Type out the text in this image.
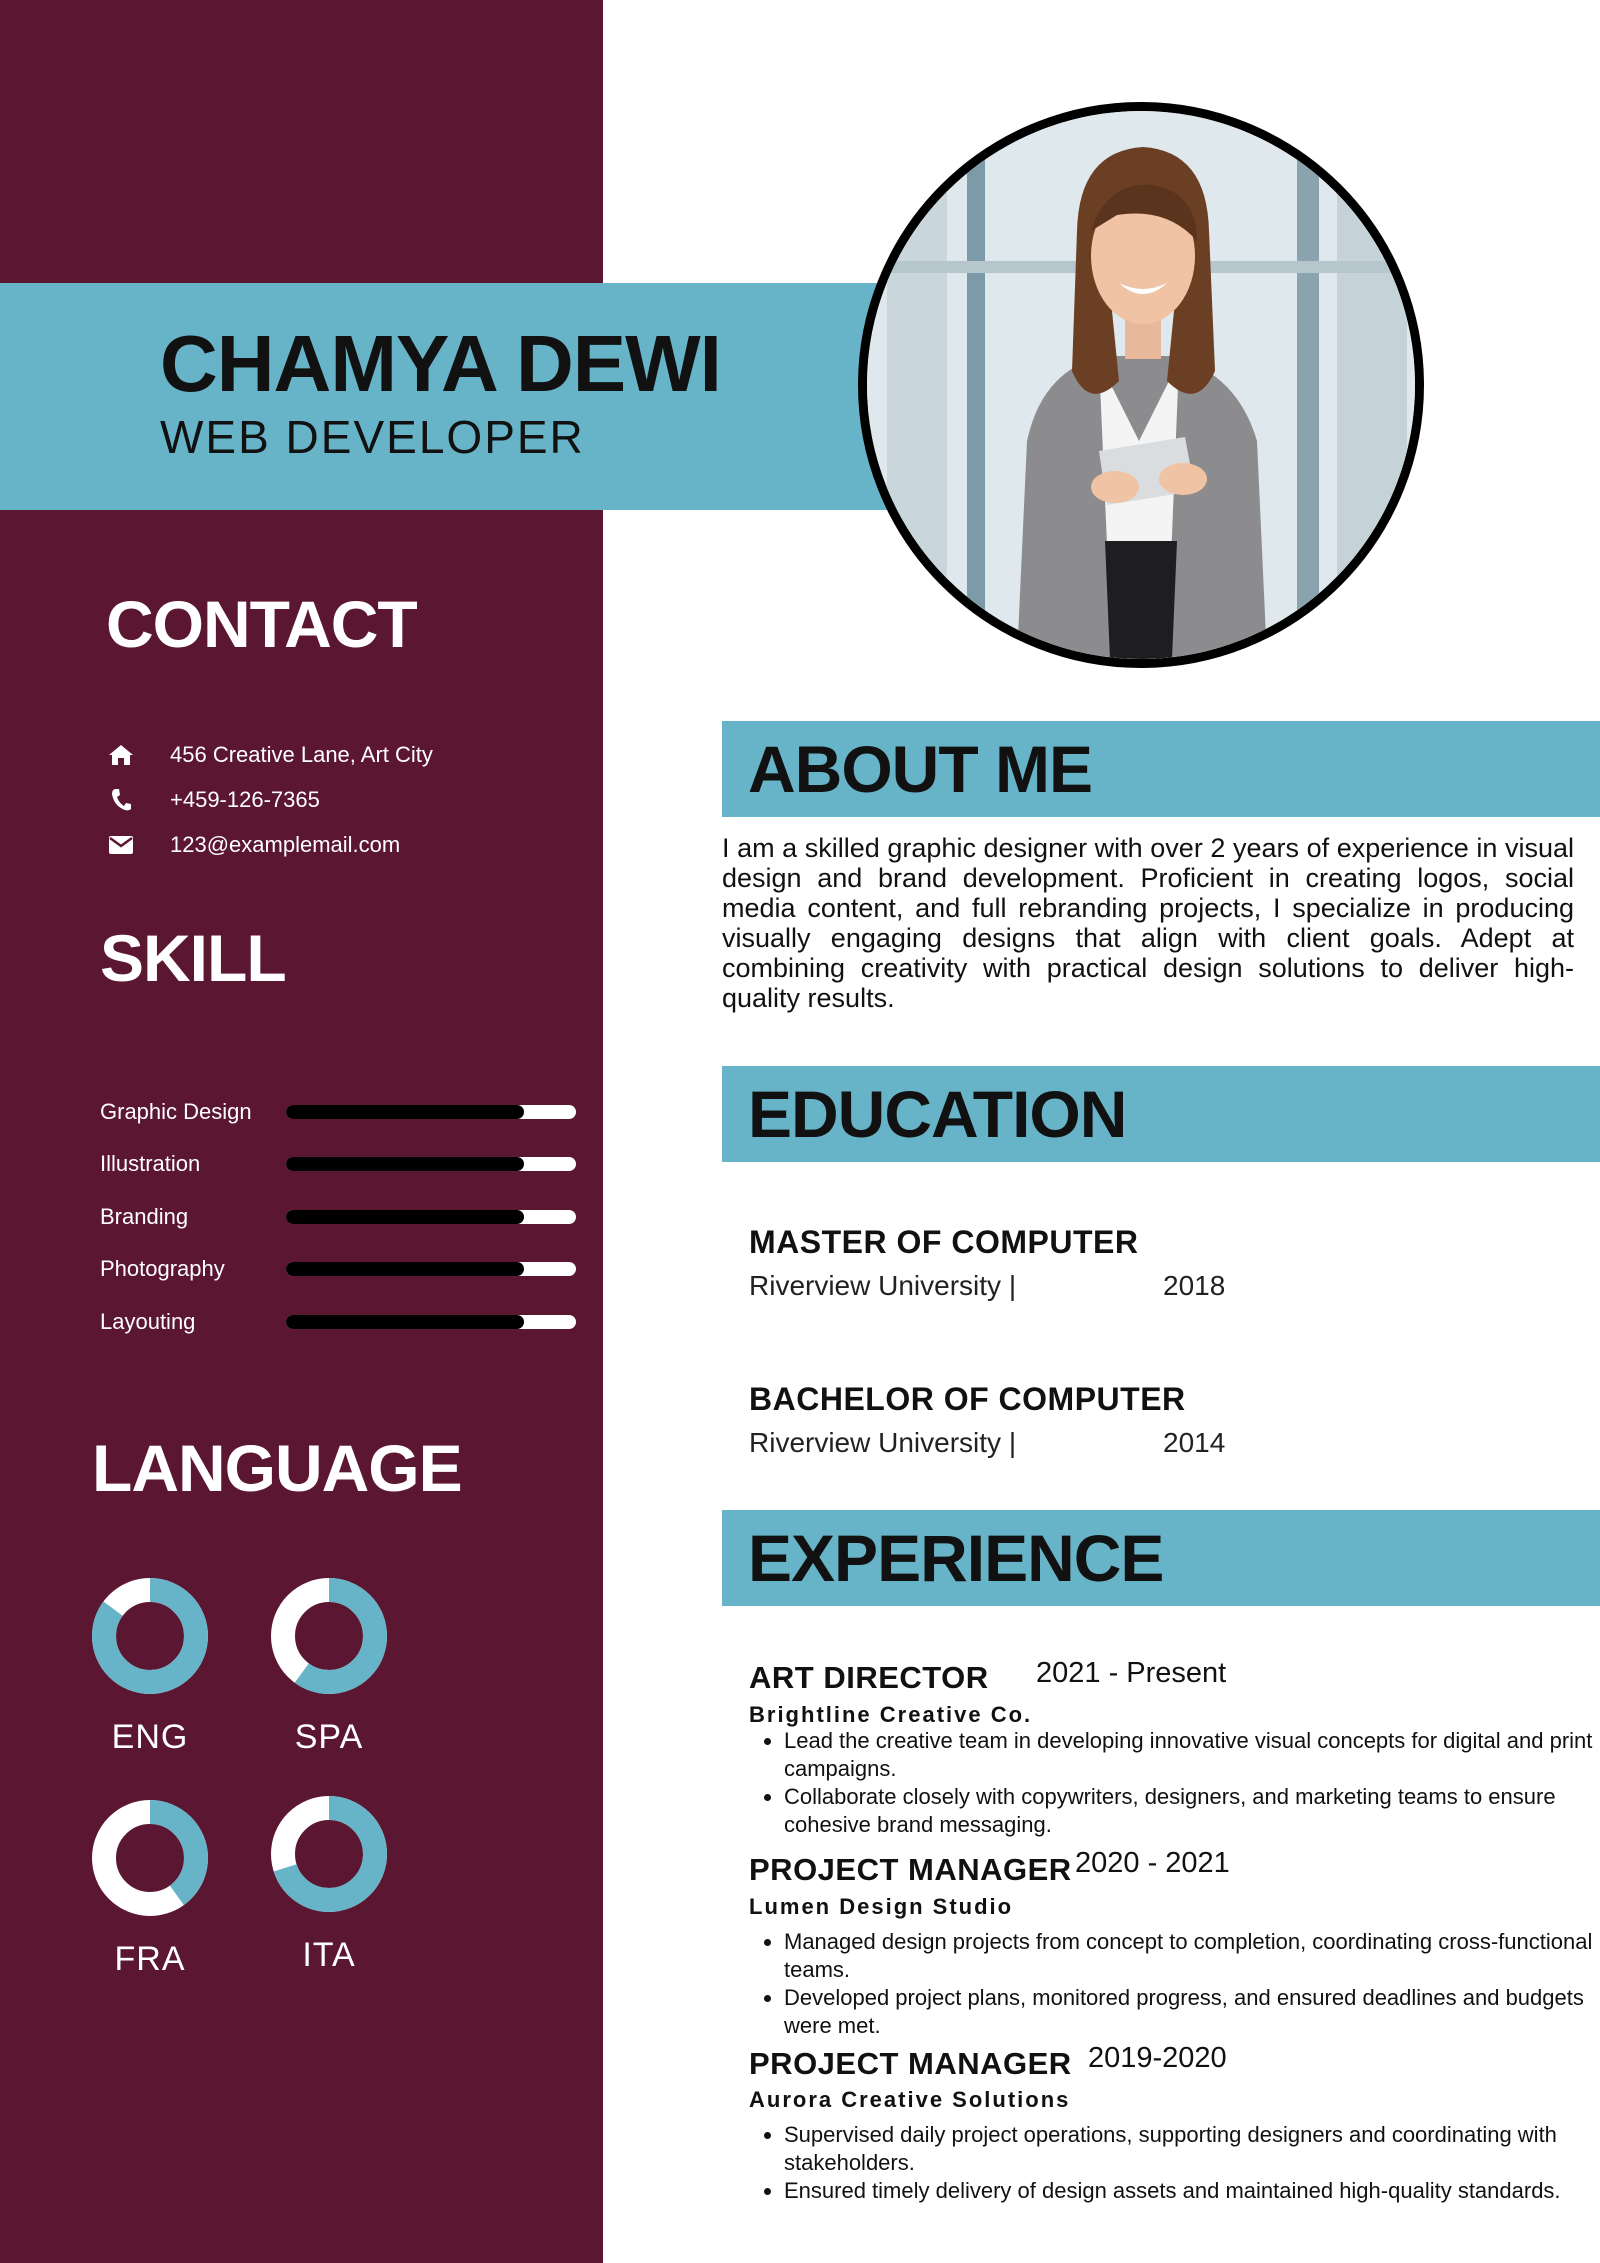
CHAMYA DEWI
WEB DEVELOPER
CONTACT
456 Creative Lane, Art City
+459-126-7365
123@examplemail.com
SKILL
Graphic Design
Illustration
Branding
Photography
Layouting
LANGUAGE
ENG	SPA
FRA	ITA
ABOUT ME

I am a skilled graphic designer with over 2 years of experience in visual design and brand development. Proficient in creating logos, social media content, and full rebranding projects, I specialize in producing visually engaging designs that align with client goals. Adept at combining creativity with practical design solutions to deliver high-quality results.

EDUCATION
MASTER OF COMPUTER
Riverview University |	2018
BACHELOR OF COMPUTER
Riverview University |	2014
EXPERIENCE
ART DIRECTOR 2021 - Present
Brightline Creative Co.
• Lead the creative team in developing innovative visual concepts for digital and print campaigns.
• Collaborate closely with copywriters, designers, and marketing teams to ensure cohesive brand messaging.
PROJECT MANAGER 2020 - 2021
Lumen Design Studio
• Managed design projects from concept to completion, coordinating cross-functional teams.
• Developed project plans, monitored progress, and ensured deadlines and budgets were met.
PROJECT MANAGER 2019-2020
Aurora Creative Solutions
• Supervised daily project operations, supporting designers and coordinating with stakeholders.
• Ensured timely delivery of design assets and maintained high-quality standards.
